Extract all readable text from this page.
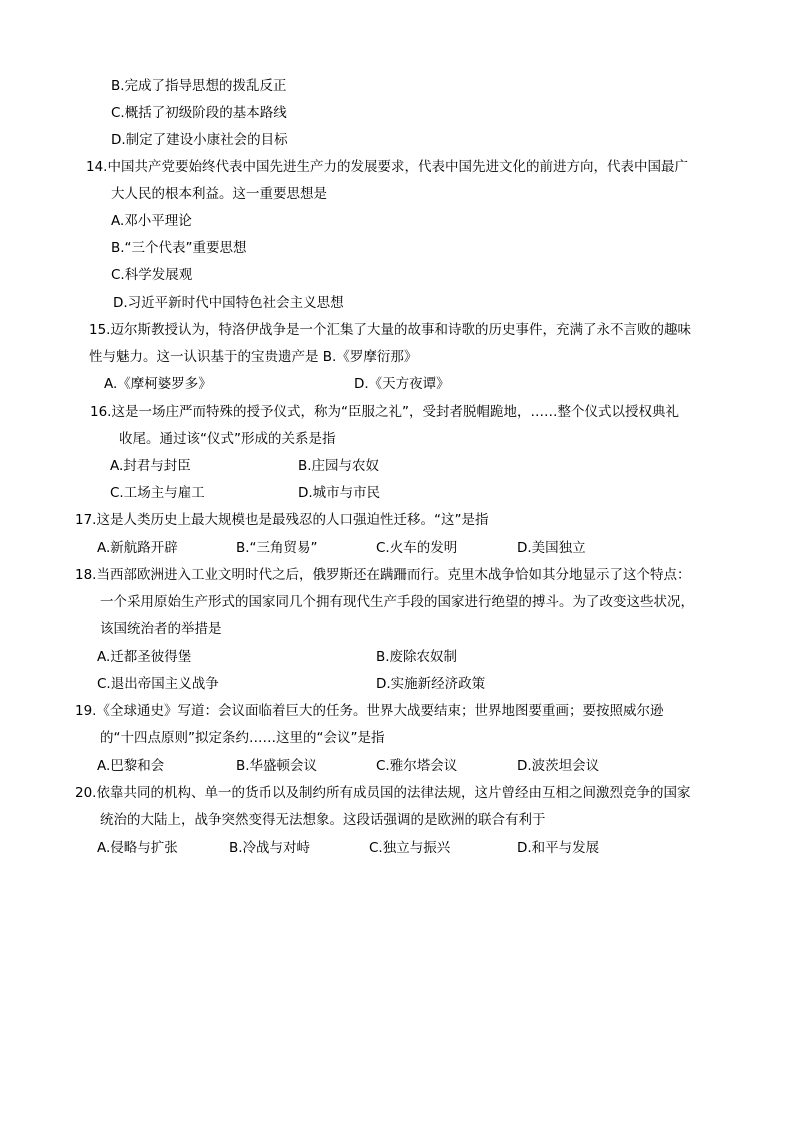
B.完成了指导思想的拨乱反正
C.概括了初级阶段的基本路线
D.制定了建设小康社会的目标
14.中国共产党要始终代表中国先进生产力的发展要求，代表中国先进文化的前进方向，代表中国最广
大人民的根本利益。这一重要思想是
A.邓小平理论
B.“三个代表”重要思想
C.科学发展观
D.习近平新时代中国特色社会主义思想
15.迈尔斯教授认为，特洛伊战争是一个汇集了大量的故事和诗歌的历史事件，充满了永不言败的趣味
性与魅力。这一认识基于的宝贵遗产是 B.《罗摩衍那》
A.《摩柯婆罗多》	D.《天方夜谭》
16.这是一场庄严而特殊的授予仪式，称为“臣服之礼”，受封者脱帽跪地，……整个仪式以授权典礼
收尾。通过该“仪式”形成的关系是指
A.封君与封臣	B.庄园与农奴
C.工场主与雇工	D.城市与市民
17.这是人类历史上最大规模也是最残忍的人口强迫性迁移。“这”是指
A.新航路开辟	B.“三角贸易”	C.火车的发明	D.美国独立
18.当西部欧洲进入工业文明时代之后，俄罗斯还在蹒跚而行。克里木战争恰如其分地显示了这个特点：
一个采用原始生产形式的国家同几个拥有现代生产手段的国家进行绝望的搏斗。为了改变这些状况，
该国统治者的举措是
A.迁都圣彼得堡	B.废除农奴制
C.退出帝国主义战争	D.实施新经济政策
19.《全球通史》写道：会议面临着巨大的任务。世界大战要结束；世界地图要重画；要按照威尔逊
的“十四点原则”拟定条约……这里的“会议”是指
A.巴黎和会	B.华盛顿会议	C.雅尔塔会议	D.波茨坦会议
20.依靠共同的机构、单一的货币以及制约所有成员国的法律法规，这片曾经由互相之间激烈竞争的国家
统治的大陆上，战争突然变得无法想象。这段话强调的是欧洲的联合有利于
A.侵略与扩张	B.冷战与对峙	C.独立与振兴	D.和平与发展
